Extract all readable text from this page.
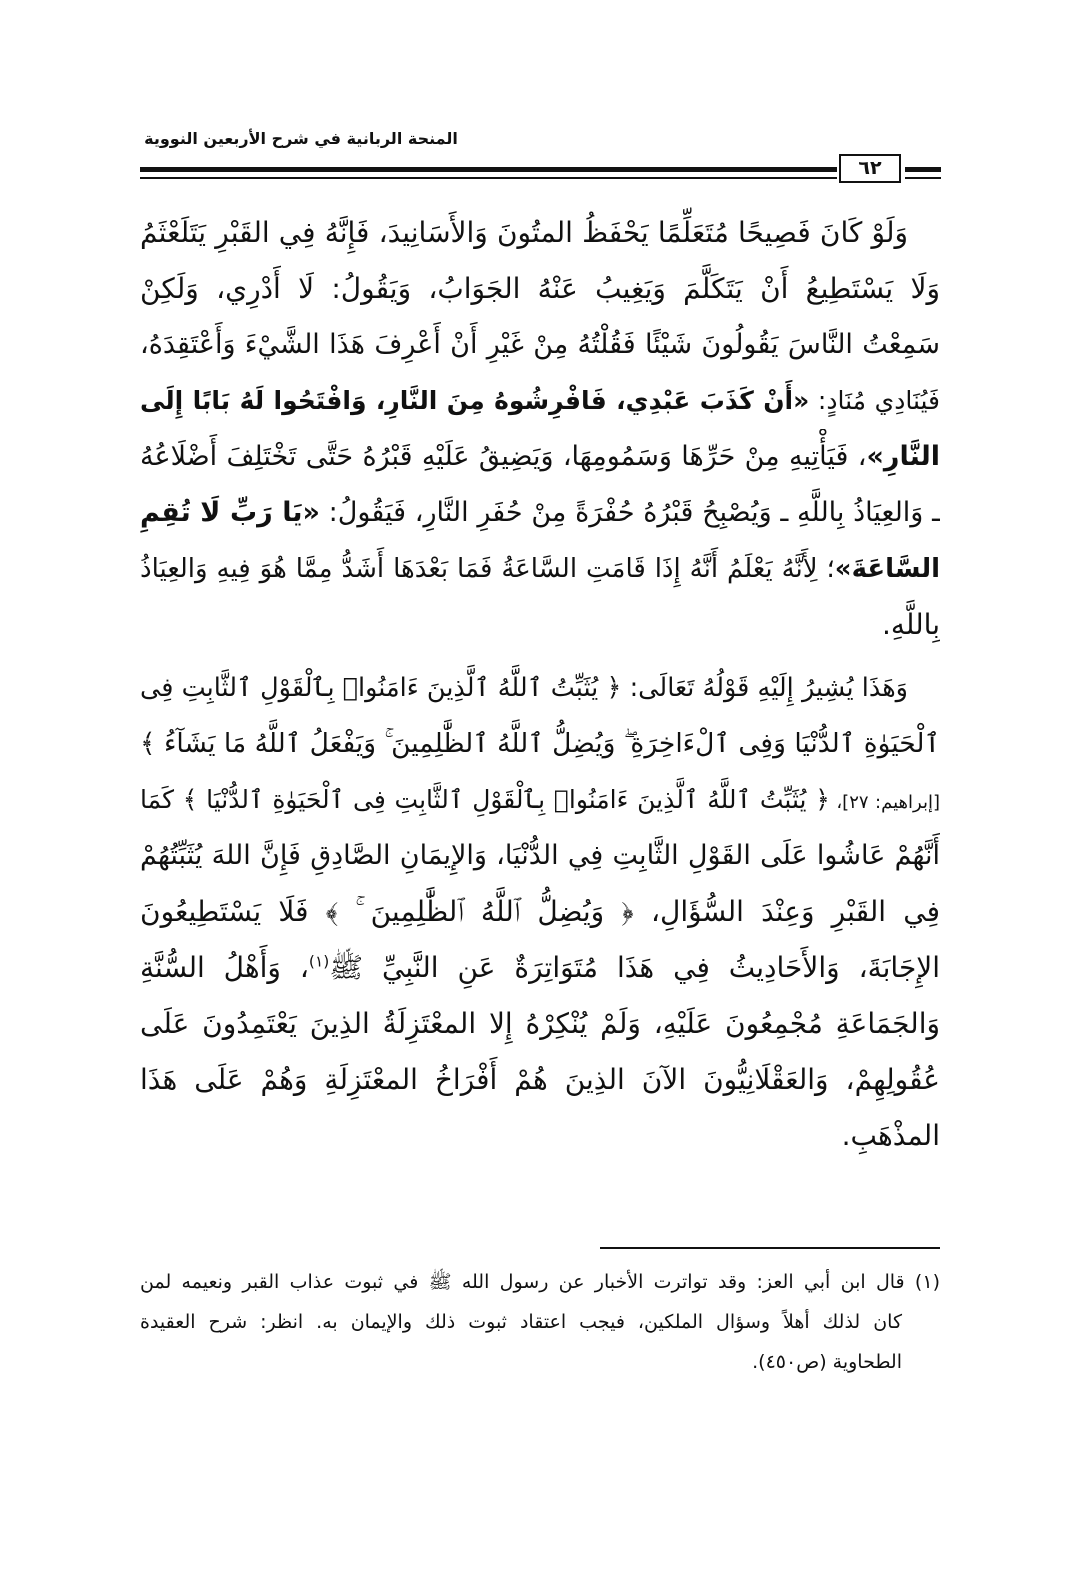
المنحة الربانية في شرح الأربعين النووية
٦٢
وَلَوْ كَانَ فَصِيحًا مُتَعَلِّمًا يَحْفَظُ المتُونَ وَالأَسَانِيدَ، فَإِنَّهُ فِي القَبْرِ يَتَلَعْثَمُ
وَلَا يَسْتَطِيعُ أَنْ يَتَكَلَّمَ وَيَغِيبُ عَنْهُ الجَوَابُ، وَيَقُولُ: لَا أَدْرِي، وَلَكِنْ
سَمِعْتُ النَّاسَ يَقُولُونَ شَيْئًا فَقُلْتُهُ مِنْ غَيْرِ أَنْ أَعْرِفَ هَذَا الشَّيْءَ وَأَعْتَقِدَهُ،
فَيُنَادِي مُنَادٍ: «أَنْ كَذَبَ عَبْدِي، فَافْرِشُوهُ مِنَ النَّارِ، وَافْتَحُوا لَهُ بَابًا إِلَى
النَّارِ»، فَيَأْتِيهِ مِنْ حَرِّهَا وَسَمُومِهَا، وَيَضِيقُ عَلَيْهِ قَبْرُهُ حَتَّى تَخْتَلِفَ أَضْلَاعُهُ
ـ وَالعِيَاذُ بِاللَّهِ ـ وَيُصْبِحُ قَبْرُهُ حُفْرَةً مِنْ حُفَرِ النَّارِ، فَيَقُولُ: «يَا رَبِّ لَا تُقِمِ
السَّاعَةَ»؛ لِأَنَّهُ يَعْلَمُ أَنَّهُ إِذَا قَامَتِ السَّاعَةُ فَمَا بَعْدَهَا أَشَدُّ مِمَّا هُوَ فِيهِ وَالعِيَاذُ
بِاللَّهِ.
وَهَذَا يُشِيرُ إِلَيْهِ قَوْلُهُ تَعَالَى: ﴿ يُثَبِّتُ ٱللَّهُ ٱلَّذِينَ ءَامَنُوا۟ بِٱلْقَوْلِ ٱلثَّابِتِ فِى
ٱلْحَيَوٰةِ ٱلدُّنْيَا وَفِى ٱلْءَاخِرَةِ ۖ وَيُضِلُّ ٱللَّهُ ٱلظَّٰلِمِينَ ۚ وَيَفْعَلُ ٱللَّهُ مَا يَشَآءُ ﴾
[إبراهيم: ٢٧]، ﴿ يُثَبِّتُ ٱللَّهُ ٱلَّذِينَ ءَامَنُوا۟ بِٱلْقَوْلِ ٱلثَّابِتِ فِى ٱلْحَيَوٰةِ ٱلدُّنْيَا ﴾ كَمَا
أَنَّهُمْ عَاشُوا عَلَى القَوْلِ الثَّابِتِ فِي الدُّنْيَا، وَالإِيمَانِ الصَّادِقِ فَإِنَّ اللهَ يُثَبِّتُهُمْ
فِي القَبْرِ وَعِنْدَ السُّؤَالِ، ﴿ وَيُضِلُّ ٱللَّهُ ٱلظَّٰلِمِينَ ۚ ﴾ فَلَا يَسْتَطِيعُونَ
الإِجَابَةَ، وَالأَحَادِيثُ فِي هَذَا مُتَوَاتِرَةٌ عَنِ النَّبِيِّ ﷺ$^{(١)}$، وَأَهْلُ السُّنَّةِ
وَالجَمَاعَةِ مُجْمِعُونَ عَلَيْهِ، وَلَمْ يُنْكِرْهُ إِلا المعْتَزِلَةُ الذِينَ يَعْتَمِدُونَ عَلَى
عُقُولِهِمْ، وَالعَقْلَانِيُّونَ الآنَ الذِينَ هُمْ أَفْرَاخُ المعْتَزِلَةِ وَهُمْ عَلَى هَذَا
المذْهَبِ.
(١) قال ابن أبي العز: وقد تواترت الأخبار عن رسول الله ﷺ في ثبوت عذاب القبر ونعيمه لمن
كان لذلك أهلاً وسؤال الملكين، فيجب اعتقاد ثبوت ذلك والإيمان به. انظر: شرح العقيدة
الطحاوية (ص٤٥٠).
